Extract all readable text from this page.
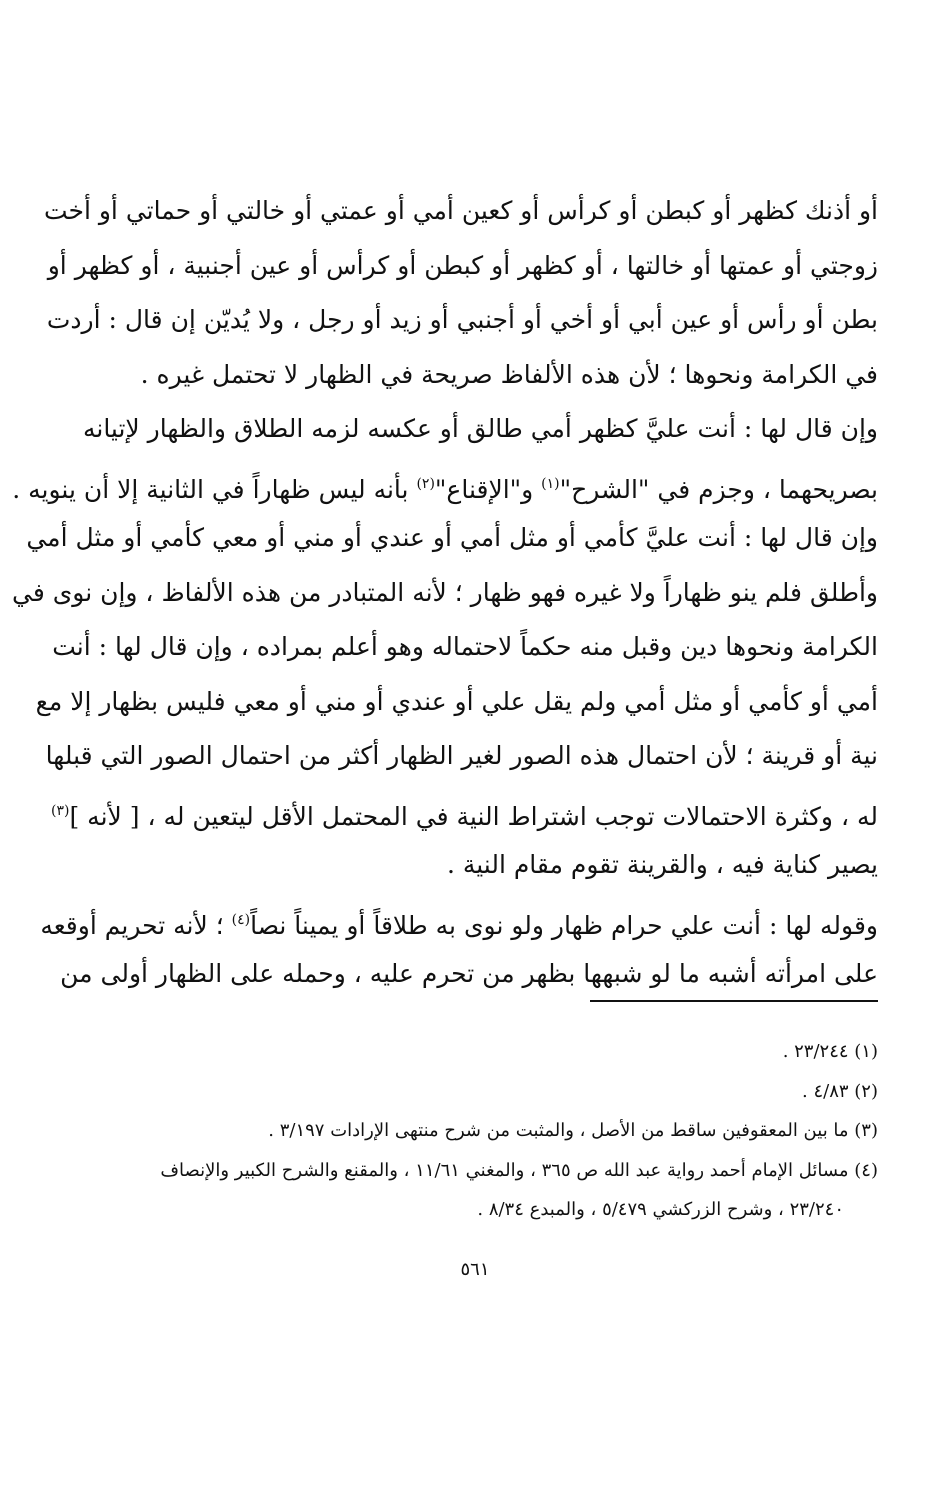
أو أذنك كظهر أو كبطن أو كرأس أو كعين أمي أو عمتي أو خالتي أو حماتي أو أخت
زوجتي أو عمتها أو خالتها ، أو كظهر أو كبطن أو كرأس أو عين أجنبية ، أو كظهر أو
بطن أو رأس أو عين أبي أو أخي أو أجنبي أو زيد أو رجل ، ولا يُديّن إن قال : أردت
في الكرامة ونحوها ؛ لأن هذه الألفاظ صريحة في الظهار لا تحتمل غيره .
وإن قال لها : أنت عليَّ كظهر أمي طالق أو عكسه لزمه الطلاق والظهار لإتيانه
بصريحهما ، وجزم في "الشرح"$^{(١)}$ و"الإقناع"$^{(٢)}$ بأنه ليس ظهاراً في الثانية إلا أن ينويه .
وإن قال لها : أنت عليَّ كأمي أو مثل أمي أو عندي أو مني أو معي كأمي أو مثل أمي
وأطلق فلم ينو ظهاراً ولا غيره فهو ظهار ؛ لأنه المتبادر من هذه الألفاظ ، وإن نوى في
الكرامة ونحوها دين وقبل منه حكماً لاحتماله وهو أعلم بمراده ، وإن قال لها : أنت
أمي أو كأمي أو مثل أمي ولم يقل علي أو عندي أو مني أو معي فليس بظهار إلا مع
نية أو قرينة ؛ لأن احتمال هذه الصور لغير الظهار أكثر من احتمال الصور التي قبلها
له ، وكثرة الاحتمالات توجب اشتراط النية في المحتمل الأقل ليتعين له ، [ لأنه ]$^{(٣)}$
يصير كناية فيه ، والقرينة تقوم مقام النية .
وقوله لها : أنت علي حرام ظهار ولو نوى به طلاقاً أو يميناً نصاً$^{(٤)}$ ؛ لأنه تحريم أوقعه
على امرأته أشبه ما لو شبهها بظهر من تحرم عليه ، وحمله على الظهار أولى من
(١) ٢٣/٢٤٤ .
(٢) ٤/٨٣ .
(٣) ما بين المعقوفين ساقط من الأصل ، والمثبت من شرح منتهى الإرادات ٣/١٩٧ .
(٤) مسائل الإمام أحمد رواية عبد الله ص ٣٦٥ ، والمغني ١١/٦١ ، والمقنع والشرح الكبير والإنصاف
٢٣/٢٤٠ ، وشرح الزركشي ٥/٤٧٩ ، والمبدع ٨/٣٤ .
٥٦١
